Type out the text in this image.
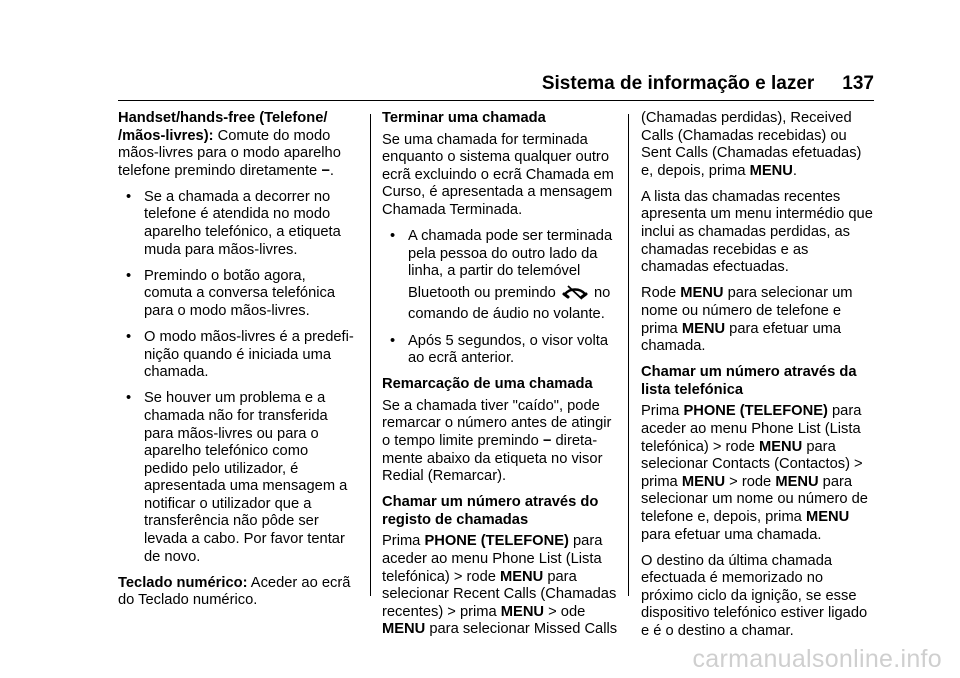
Sistema de informação e lazer 137

Handset/hands-free (Telefone/ /mãos-livres): Comute do modo mãos-livres para o modo aparelho telefone premindo diretamente −.

• Se a chamada a decorrer no telefone é atendida no modo aparelho telefónico, a etiqueta muda para mãos-livres.
• Premindo o botão agora, comuta a conversa telefónica para o modo mãos-livres.
• O modo mãos-livres é a predefi- nição quando é iniciada uma chamada.
• Se houver um problema e a chamada não for transferida para mãos-livres ou para o aparelho telefónico como pedido pelo utilizador, é apresentada uma mensagem a notificar o utilizador que a transferência não pôde ser levada a cabo. Por favor tentar de novo.

Teclado numérico: Aceder ao ecrã do Teclado numérico.

Terminar uma chamada

Se uma chamada for terminada enquanto o sistema qualquer outro ecrã excluindo o ecrã Chamada em Curso, é apresentada a mensagem Chamada Terminada.

• A chamada pode ser terminada pela pessoa do outro lado da linha, a partir do telemóvel
Bluetooth ou premindo	no
comando de áudio no volante.
• Após 5 segundos, o visor volta ao ecrã anterior.

Remarcação de uma chamada

Se a chamada tiver "caído", pode remarcar o número antes de atingir o tempo limite premindo − direta- mente abaixo da etiqueta no visor Redial (Remarcar).

Chamar um número através do registo de chamadas

Prima PHONE (TELEFONE) para aceder ao menu Phone List (Lista telefónica) > rode MENU para selecionar Recent Calls (Chamadas recentes) > prima MENU > ode MENU para selecionar Missed Calls

(Chamadas perdidas), Received Calls (Chamadas recebidas) ou Sent Calls (Chamadas efetuadas) e, depois, prima MENU.

A lista das chamadas recentes apresenta um menu intermédio que inclui as chamadas perdidas, as chamadas recebidas e as chamadas efectuadas.

Rode MENU para selecionar um nome ou número de telefone e prima MENU para efetuar uma chamada.

Chamar um número através da lista telefónica

Prima PHONE (TELEFONE) para aceder ao menu Phone List (Lista telefónica) > rode MENU para selecionar Contacts (Contactos) > prima MENU > rode MENU para selecionar um nome ou número de telefone e, depois, prima MENU para efetuar uma chamada.

O destino da última chamada efectuada é memorizado no próximo ciclo da ignição, se esse dispositivo telefónico estiver ligado e é o destino a chamar.

carmanualsonline.info
